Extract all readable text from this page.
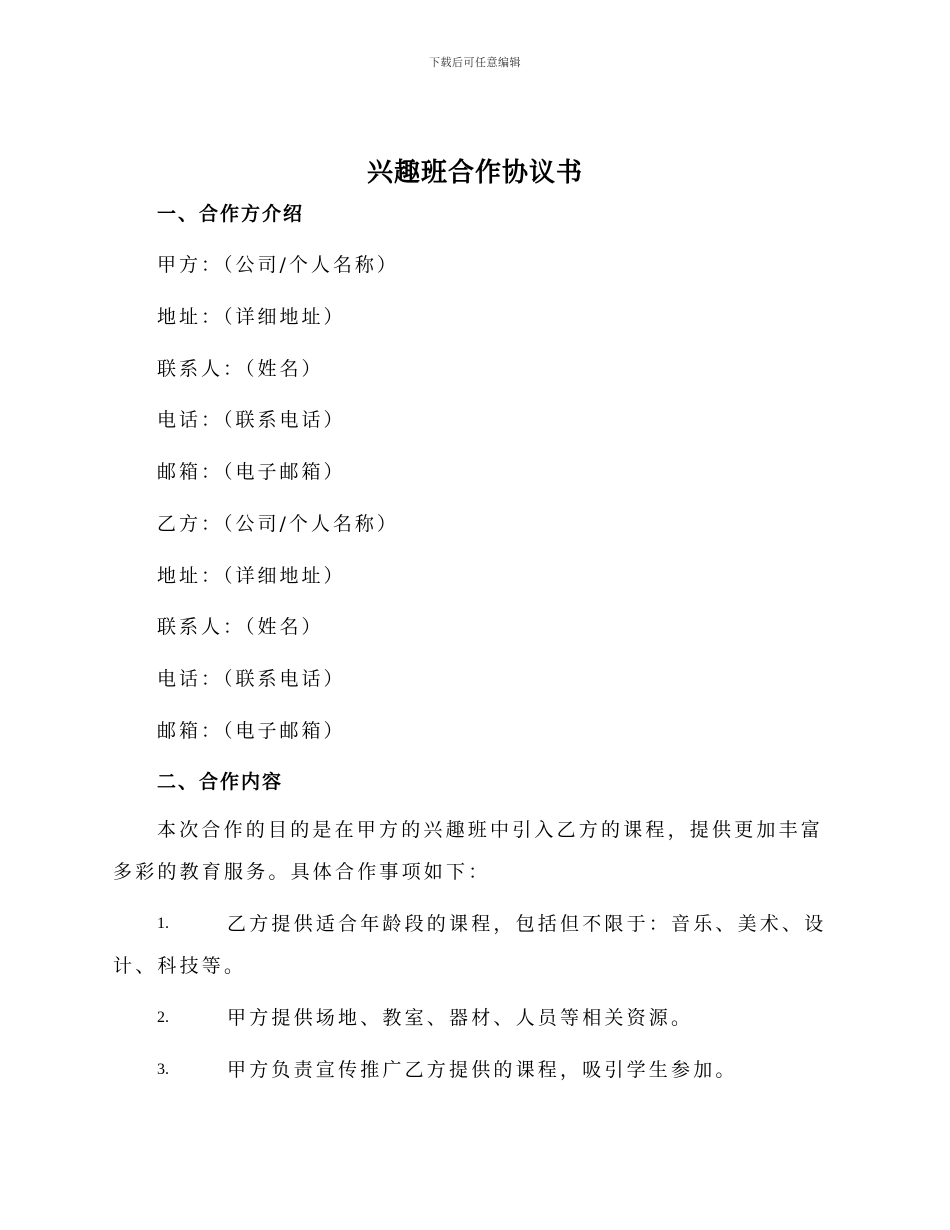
下载后可任意编辑
兴趣班合作协议书
一、合作方介绍
甲方：（公司/个人名称）
地址：（详细地址）
联系人：（姓名）
电话：（联系电话）
邮箱：（电子邮箱）
乙方：（公司/个人名称）
地址：（详细地址）
联系人：（姓名）
电话：（联系电话）
邮箱：（电子邮箱）
二、合作内容
本次合作的目的是在甲方的兴趣班中引入乙方的课程，提供更加丰富多彩的教育服务。具体合作事项如下：
1.	乙方提供适合年龄段的课程，包括但不限于：音乐、美术、设计、科技等。
2.	甲方提供场地、教室、器材、人员等相关资源。
3.	甲方负责宣传推广乙方提供的课程，吸引学生参加。
